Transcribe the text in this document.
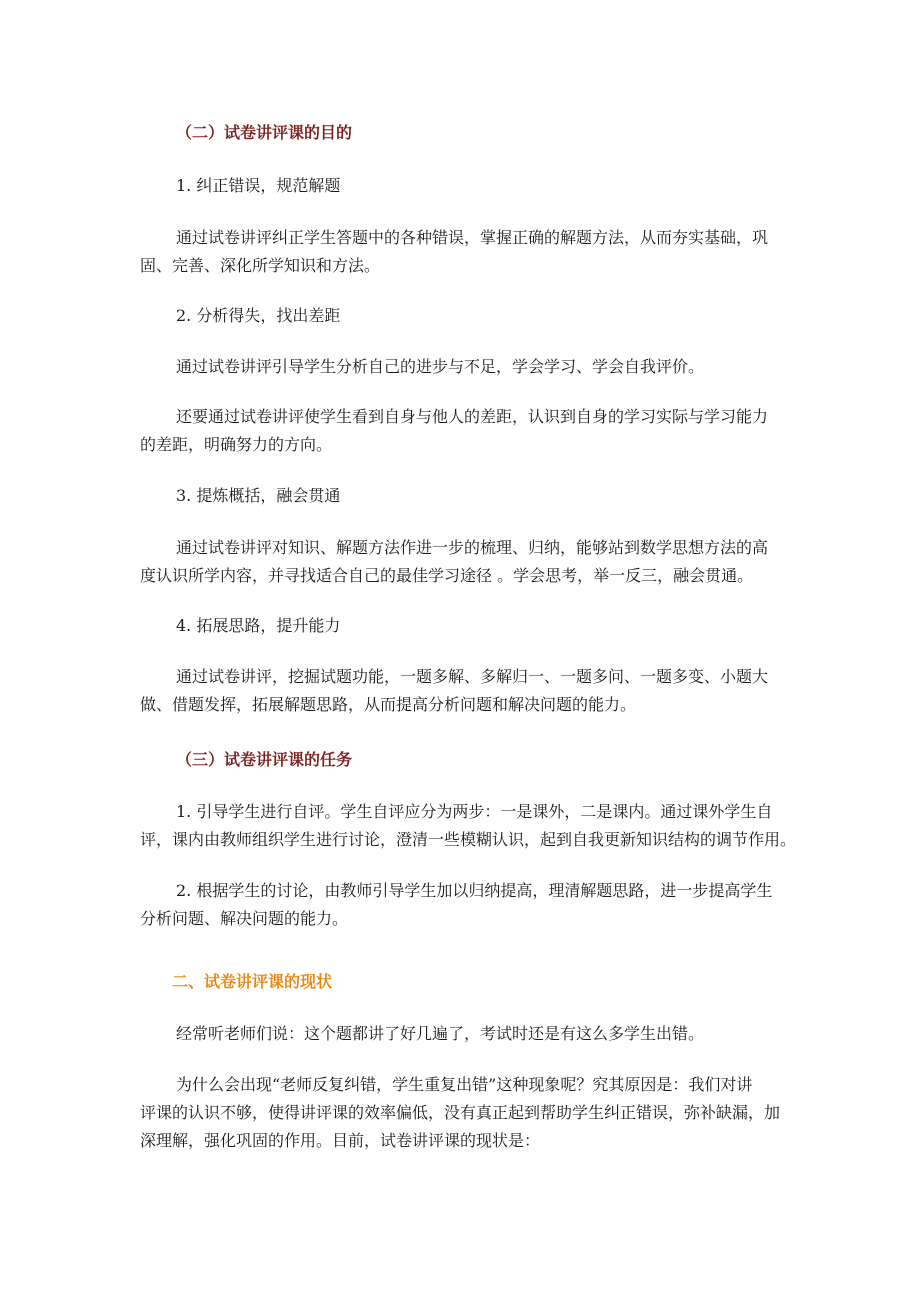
（二）试卷讲评课的目的
1. 纠正错误，规范解题
通过试卷讲评纠正学生答题中的各种错误，掌握正确的解题方法，从而夯实基础，巩
固、完善、深化所学知识和方法。
2. 分析得失，找出差距
通过试卷讲评引导学生分析自己的进步与不足，学会学习、学会自我评价。
还要通过试卷讲评使学生看到自身与他人的差距，认识到自身的学习实际与学习能力
的差距，明确努力的方向。
3. 提炼概括，融会贯通
通过试卷讲评对知识、解题方法作进一步的梳理、归纳，能够站到数学思想方法的高
度认识所学内容，并寻找适合自己的最佳学习途径 。学会思考，举一反三，融会贯通。
4. 拓展思路，提升能力
通过试卷讲评，挖掘试题功能，一题多解、多解归一、一题多问、一题多变、小题大
做、借题发挥，拓展解题思路，从而提高分析问题和解决问题的能力。
（三）试卷讲评课的任务
1. 引导学生进行自评。学生自评应分为两步：一是课外，二是课内。通过课外学生自
评，课内由教师组织学生进行讨论，澄清一些模糊认识，起到自我更新知识结构的调节作用。
2. 根据学生的讨论，由教师引导学生加以归纳提高，理清解题思路，进一步提高学生
分析问题、解决问题的能力。
二、试卷讲评课的现状
经常听老师们说：这个题都讲了好几遍了，考试时还是有这么多学生出错。
为什么会出现“老师反复纠错，学生重复出错”这种现象呢？究其原因是：我们对讲
评课的认识不够，使得讲评课的效率偏低，没有真正起到帮助学生纠正错误，弥补缺漏，加
深理解，强化巩固的作用。目前，试卷讲评课的现状是：
